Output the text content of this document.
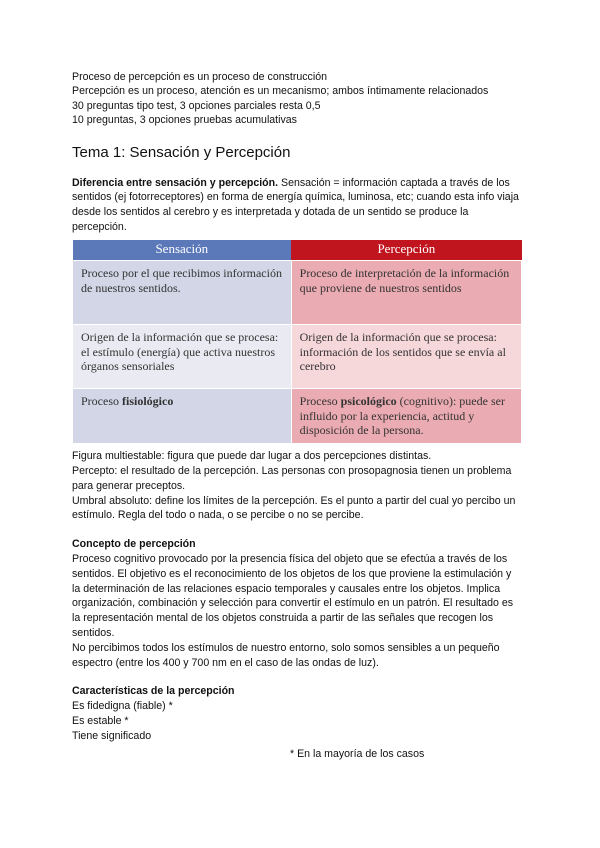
Proceso de percepción es un proceso de construcción
Percepción es un proceso, atención es un mecanismo; ambos íntimamente relacionados
30 preguntas tipo test, 3 opciones parciales resta 0,5
10 preguntas, 3 opciones pruebas acumulativas
Tema 1: Sensación y Percepción
Diferencia entre sensación y percepción. Sensación = información captada a través de los sentidos (ej fotorreceptores) en forma de energía química, luminosa, etc; cuando esta info viaja desde los sentidos al cerebro y es interpretada y dotada de un sentido se produce la percepción.
Sensación	Percepción
Proceso por el que recibimos información de nuestros sentidos.	Proceso de interpretación de la información que proviene de nuestros sentidos
Origen de la información que se procesa: el estímulo (energía) que activa nuestros órganos sensoriales	Origen de la información que se procesa: información de los sentidos que se envía al cerebro
Proceso fisiológico	Proceso psicológico (cognitivo): puede ser influido por la experiencia, actitud y disposición de la persona.
Figura multiestable: figura que puede dar lugar a dos percepciones distintas.
Percepto: el resultado de la percepción. Las personas con prosopagnosia tienen un problema para generar preceptos.
Umbral absoluto: define los límites de la percepción. Es el punto a partir del cual yo percibo un estímulo. Regla del todo o nada, o se percibe o no se percibe.
Concepto de percepción
Proceso cognitivo provocado por la presencia física del objeto que se efectúa a través de los sentidos. El objetivo es el reconocimiento de los objetos de los que proviene la estimulación y la determinación de las relaciones espacio temporales y causales entre los objetos. Implica organización, combinación y selección para convertir el estímulo en un patrón. El resultado es la representación mental de los objetos construida a partir de las señales que recogen los sentidos.
No percibimos todos los estímulos de nuestro entorno, solo somos sensibles a un pequeño espectro (entre los 400 y 700 nm en el caso de las ondas de luz).
Características de la percepción
Es fidedigna (fiable) *
Es estable *
Tiene significado
* En la mayoría de los casos
